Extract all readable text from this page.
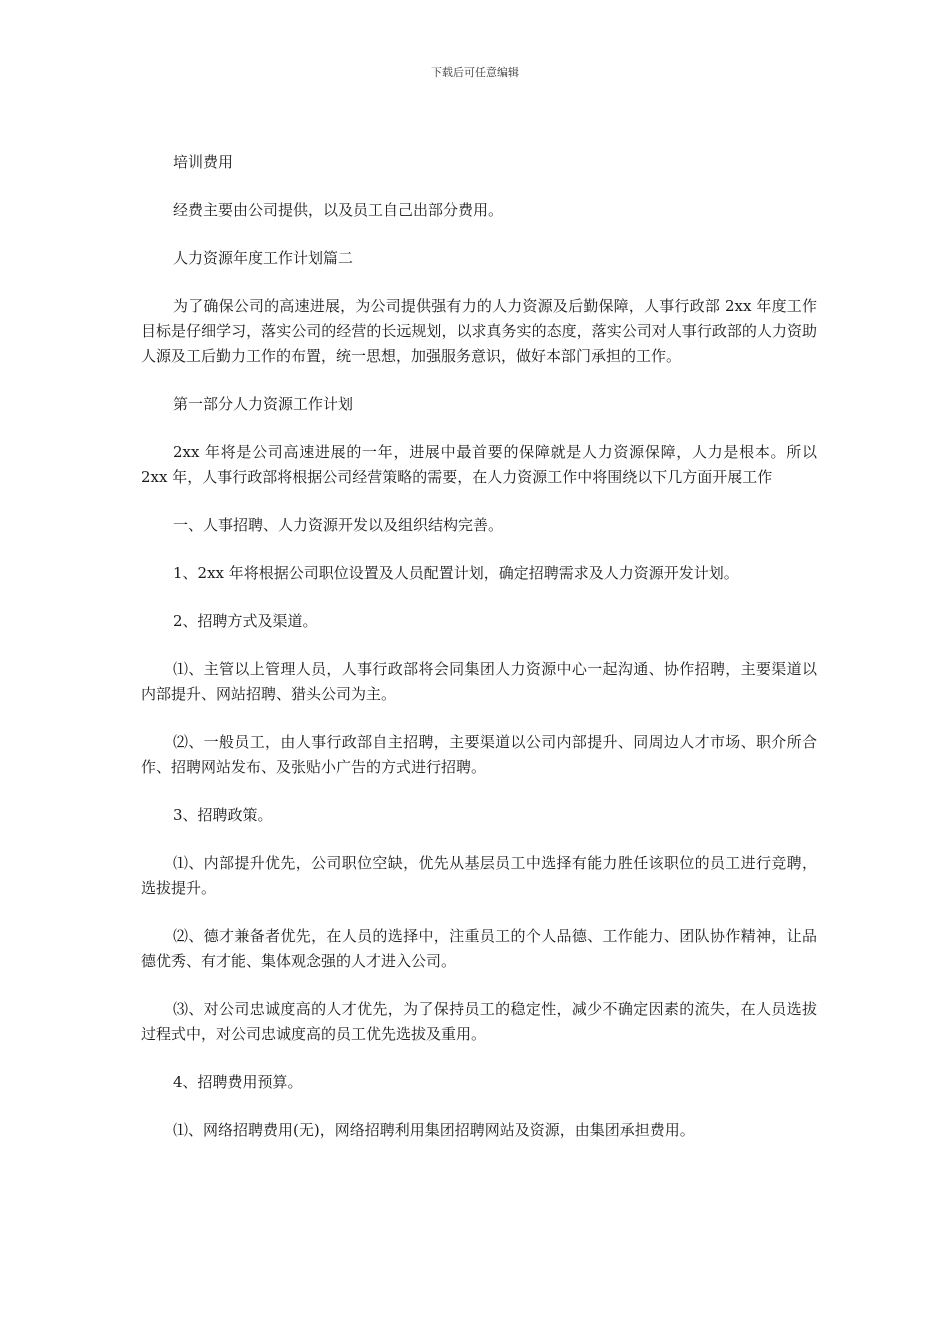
下载后可任意编辑

培训费用

经费主要由公司提供，以及员工自己出部分费用。

人力资源年度工作计划篇二

为了确保公司的高速进展，为公司提供强有力的人力资源及后勤保障，人事行政部 2xx 年度工作目标是仔细学习，落实公司的经营的长远规划，以求真务实的态度，落实公司对人事行政部的人力资助人源及工后勤力工作的布置，统一思想，加强服务意识，做好本部门承担的工作。

第一部分人力资源工作计划

2xx 年将是公司高速进展的一年，进展中最首要的保障就是人力资源保障，人力是根本。所以 2xx 年，人事行政部将根据公司经营策略的需要，在人力资源工作中将围绕以下几方面开展工作

一、人事招聘、人力资源开发以及组织结构完善。

1、2xx 年将根据公司职位设置及人员配置计划，确定招聘需求及人力资源开发计划。

2、招聘方式及渠道。

⑴、主管以上管理人员，人事行政部将会同集团人力资源中心一起沟通、协作招聘，主要渠道以内部提升、网站招聘、猎头公司为主。

⑵、一般员工，由人事行政部自主招聘，主要渠道以公司内部提升、同周边人才市场、职介所合作、招聘网站发布、及张贴小广告的方式进行招聘。

3、招聘政策。

⑴、内部提升优先，公司职位空缺，优先从基层员工中选择有能力胜任该职位的员工进行竞聘，选拔提升。

⑵、德才兼备者优先，在人员的选择中，注重员工的个人品德、工作能力、团队协作精神，让品德优秀、有才能、集体观念强的人才进入公司。

⑶、对公司忠诚度高的人才优先，为了保持员工的稳定性，减少不确定因素的流失，在人员选拔过程式中，对公司忠诚度高的员工优先选拔及重用。

4、招聘费用预算。

⑴、网络招聘费用(无)，网络招聘利用集团招聘网站及资源，由集团承担费用。
